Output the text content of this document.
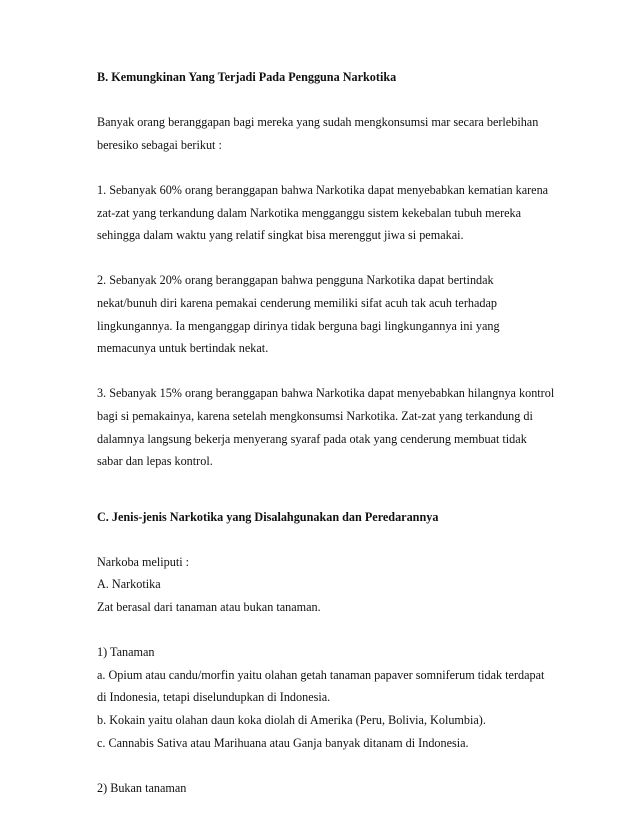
B. Kemungkinan Yang Terjadi Pada Pengguna Narkotika
Banyak orang beranggapan bagi mereka yang sudah mengkonsumsi mar secara berlebihan
beresiko sebagai berikut :
1. Sebanyak 60% orang beranggapan bahwa Narkotika dapat menyebabkan kematian karena
zat-zat yang terkandung dalam Narkotika mengganggu sistem kekebalan tubuh mereka
sehingga dalam waktu yang relatif singkat bisa merenggut jiwa si pemakai.
2. Sebanyak 20% orang beranggapan bahwa pengguna Narkotika dapat bertindak
nekat/bunuh diri karena pemakai cenderung memiliki sifat acuh tak acuh terhadap
lingkungannya. Ia menganggap dirinya tidak berguna bagi lingkungannya ini yang
memacunya untuk bertindak nekat.
3. Sebanyak 15% orang beranggapan bahwa Narkotika dapat menyebabkan hilangnya kontrol
bagi si pemakainya, karena setelah mengkonsumsi Narkotika. Zat-zat yang terkandung di
dalamnya langsung bekerja menyerang syaraf pada otak yang cenderung membuat tidak
sabar dan lepas kontrol.
C. Jenis-jenis Narkotika yang Disalahgunakan dan Peredarannya
Narkoba meliputi :
A. Narkotika
Zat berasal dari tanaman atau bukan tanaman.
1) Tanaman
a. Opium atau candu/morfin yaitu olahan getah tanaman papaver somniferum tidak terdapat
di Indonesia, tetapi diselundupkan di Indonesia.
b. Kokain yaitu olahan daun koka diolah di Amerika (Peru, Bolivia, Kolumbia).
c. Cannabis Sativa atau Marihuana atau Ganja banyak ditanam di Indonesia.
2) Bukan tanaman
